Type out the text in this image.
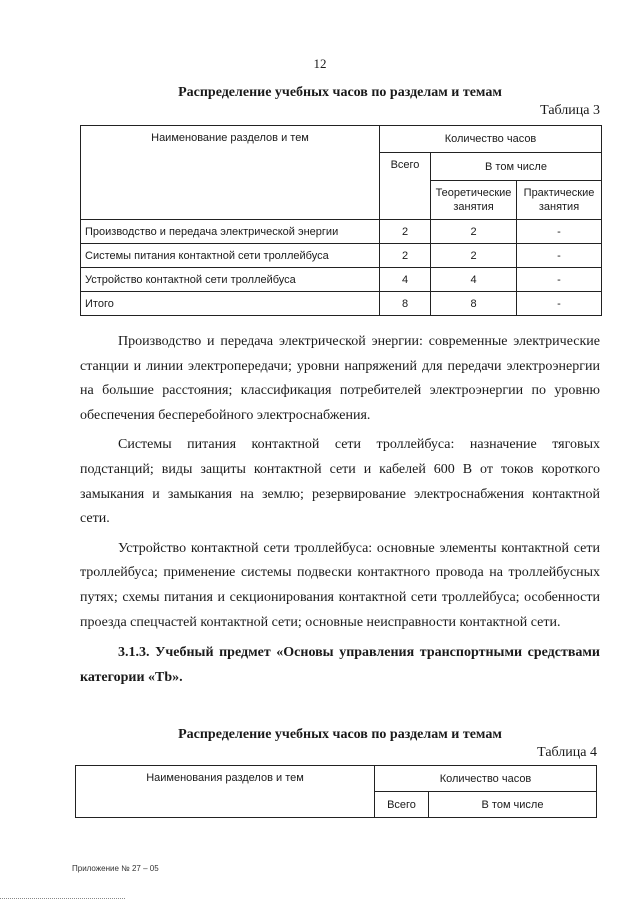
12
Распределение учебных часов по разделам и темам
Таблица 3
Наименование разделов и тем	Количество часов		
	Всего	В том числе	
		Теоретические занятия	Практические занятия
Производство и передача электрической энергии	2	2	-
Системы питания контактной сети троллейбуса	2	2	-
Устройство контактной сети троллейбуса	4	4	-
Итого	8	8	-

Производство и передача электрической энергии: современные электрические станции и линии электропередачи; уровни напряжений для передачи электроэнергии на большие расстояния; классификация потребителей электроэнергии по уровню обеспечения бесперебойного электроснабжения.

Системы питания контактной сети троллейбуса: назначение тяговых подстанций; виды защиты контактной сети и кабелей 600 В от токов короткого замыкания и замыкания на землю; резервирование электроснабжения контактной сети.

Устройство контактной сети троллейбуса: основные элементы контактной сети троллейбуса; применение системы подвески контактного провода на троллейбусных путях; схемы питания и секционирования контактной сети троллейбуса; особенности проезда спецчастей контактной сети; основные неисправности контактной сети.

3.1.3. Учебный предмет «Основы управления транспортными средствами категории «Тb».

Распределение учебных часов по разделам и темам
Таблица 4
Наименования разделов и тем	Количество часов	
	Всего	В том числе
Приложение № 27 – 05
